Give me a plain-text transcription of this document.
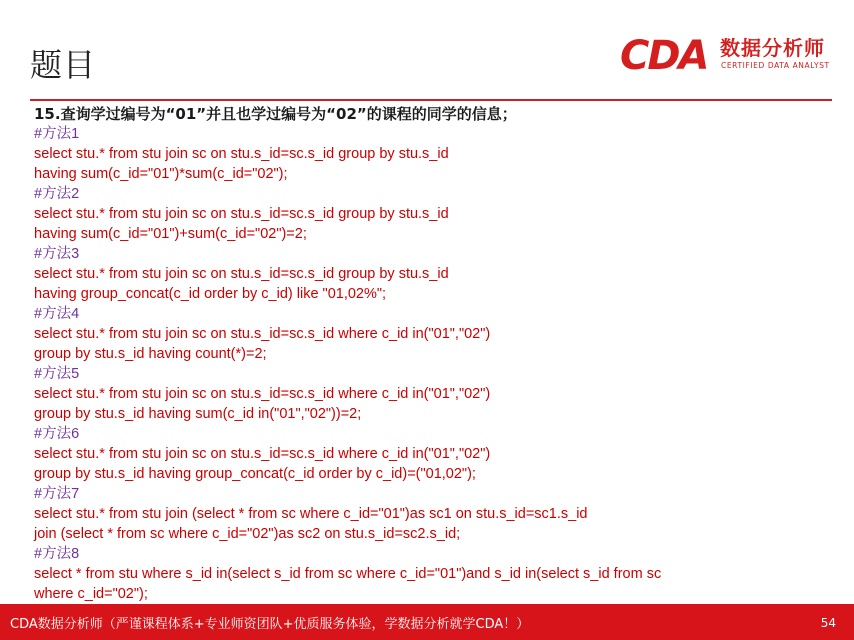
题目	CDA 数据分析师
CERTIFIED DATA ANALYST
15.查询学过编号为“01”并且也学过编号为“02”的课程的同学的信息；
#方法1
select stu.* from stu join sc on stu.s_id=sc.s_id group by stu.s_id
having sum(c_id="01")*sum(c_id="02");
#方法2
select stu.* from stu join sc on stu.s_id=sc.s_id group by stu.s_id
having sum(c_id="01")+sum(c_id="02")=2;
#方法3
select stu.* from stu join sc on stu.s_id=sc.s_id group by stu.s_id
having group_concat(c_id order by c_id) like "01,02%";
#方法4
select stu.* from stu join sc on stu.s_id=sc.s_id where c_id in("01","02")
group by stu.s_id having count(*)=2;
#方法5
select stu.* from stu join sc on stu.s_id=sc.s_id where c_id in("01","02")
group by stu.s_id having sum(c_id in("01","02"))=2;
#方法6
select stu.* from stu join sc on stu.s_id=sc.s_id where c_id in("01","02")
group by stu.s_id having group_concat(c_id order by c_id)=("01,02");
#方法7
select stu.* from stu join (select * from sc where c_id="01")as sc1 on stu.s_id=sc1.s_id
join (select * from sc where c_id="02")as sc2 on stu.s_id=sc2.s_id;
#方法8
select * from stu where s_id in(select s_id from sc where c_id="01")and s_id in(select s_id from sc
where c_id="02");
CDA数据分析师（严谨课程体系+专业师资团队+优质服务体验，学数据分析就学CDA！）	54
